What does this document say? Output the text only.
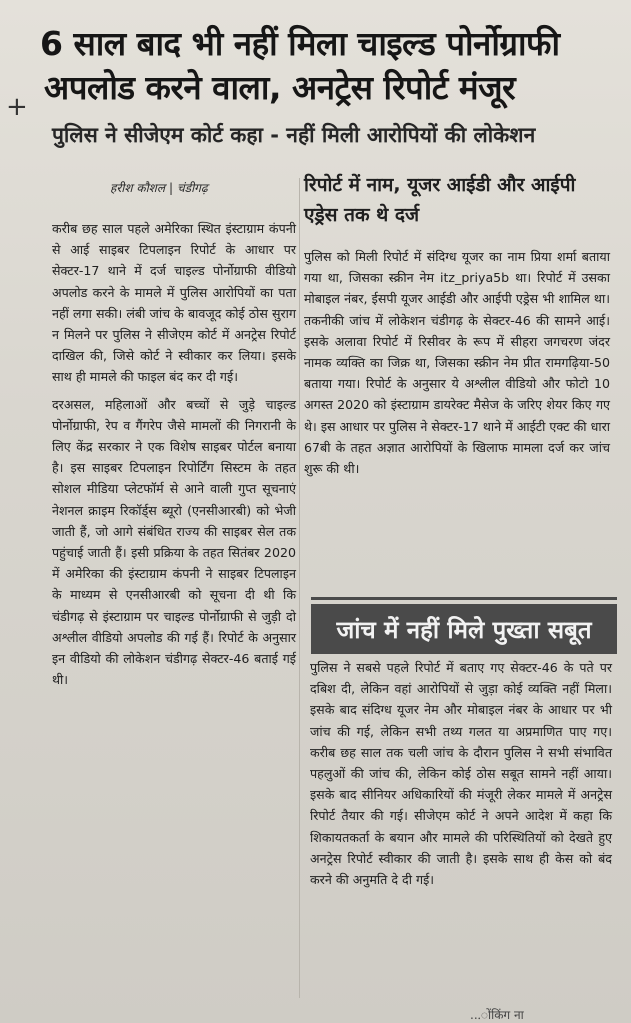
6 साल बाद भी नहीं मिला चाइल्ड पोर्नोग्राफी
अपलोड करने वाला, अनट्रेस रिपोर्ट मंजूर
+
पुलिस ने सीजेएम कोर्ट कहा - नहीं मिली आरोपियों की लोकेशन
हरीश कौशल | चंडीगढ़

करीब छह साल पहले अमेरिका स्थित इंस्टाग्राम कंपनी से आई साइबर टिपलाइन रिपोर्ट के आधार पर सेक्टर-17 थाने में दर्ज चाइल्ड पोर्नोग्राफी वीडियो अपलोड करने के मामले में पुलिस आरोपियों का पता नहीं लगा सकी। लंबी जांच के बावजूद कोई ठोस सुराग न मिलने पर पुलिस ने सीजेएम कोर्ट में अनट्रेस रिपोर्ट दाखिल की, जिसे कोर्ट ने स्वीकार कर लिया। इसके साथ ही मामले की फाइल बंद कर दी गई।

दरअसल, महिलाओं और बच्चों से जुड़े चाइल्ड पोर्नोग्राफी, रेप व गैंगरेप जैसे मामलों की निगरानी के लिए केंद्र सरकार ने एक विशेष साइबर पोर्टल बनाया है। इस साइबर टिपलाइन रिपोर्टिंग सिस्टम के तहत सोशल मीडिया प्लेटफॉर्म से आने वाली गुप्त सूचनाएं नेशनल क्राइम रिकॉर्ड्स ब्यूरो (एनसीआरबी) को भेजी जाती हैं, जो आगे संबंधित राज्य की साइबर सेल तक पहुंचाई जाती हैं। इसी प्रक्रिया के तहत सितंबर 2020 में अमेरिका की इंस्टाग्राम कंपनी ने साइबर टिपलाइन के माध्यम से एनसीआरबी को सूचना दी थी कि चंडीगढ़ से इंस्टाग्राम पर चाइल्ड पोर्नोग्राफी से जुड़ी दो अश्लील वीडियो अपलोड की गई हैं। रिपोर्ट के अनुसार इन वीडियो की लोकेशन चंडीगढ़ सेक्टर-46 बताई गई थी।

रिपोर्ट में नाम, यूजर आईडी और आईपी एड्रेस तक थे दर्ज

पुलिस को मिली रिपोर्ट में संदिग्ध यूजर का नाम प्रिया शर्मा बताया गया था, जिसका स्क्रीन नेम itz_priya5b था। रिपोर्ट में उसका मोबाइल नंबर, ईसपी यूजर आईडी और आईपी एड्रेस भी शामिल था। तकनीकी जांच में लोकेशन चंडीगढ़ के सेक्टर-46 की सामने आई। इसके अलावा रिपोर्ट में रिसीवर के रूप में सीहरा जगचरण जंदर नामक व्यक्ति का जिक्र था, जिसका स्क्रीन नेम प्रीत रामगढ़िया-50 बताया गया। रिपोर्ट के अनुसार ये अश्लील वीडियो और फोटो 10 अगस्त 2020 को इंस्टाग्राम डायरेक्ट मैसेज के जरिए शेयर किए गए थे। इस आधार पर पुलिस ने सेक्टर-17 थाने में आईटी एक्ट की धारा 67बी के तहत अज्ञात आरोपियों के खिलाफ मामला दर्ज कर जांच शुरू की थी।

जांच में नहीं मिले पुख्ता सबूत

पुलिस ने सबसे पहले रिपोर्ट में बताए गए सेक्टर-46 के पते पर दबिश दी, लेकिन वहां आरोपियों से जुड़ा कोई व्यक्ति नहीं मिला। इसके बाद संदिग्ध यूजर नेम और मोबाइल नंबर के आधार पर भी जांच की गई, लेकिन सभी तथ्य गलत या अप्रमाणित पाए गए। करीब छह साल तक चली जांच के दौरान पुलिस ने सभी संभावित पहलुओं की जांच की, लेकिन कोई ठोस सबूत सामने नहीं आया। इसके बाद सीनियर अधिकारियों की मंजूरी लेकर मामले में अनट्रेस रिपोर्ट तैयार की गई। सीजेएम कोर्ट ने अपने आदेश में कहा कि शिकायतकर्ता के बयान और मामले की परिस्थितियों को देखते हुए अनट्रेस रिपोर्ट स्वीकार की जाती है। इसके साथ ही केस को बंद करने की अनुमति दे दी गई।

...ोंकिंग ना
